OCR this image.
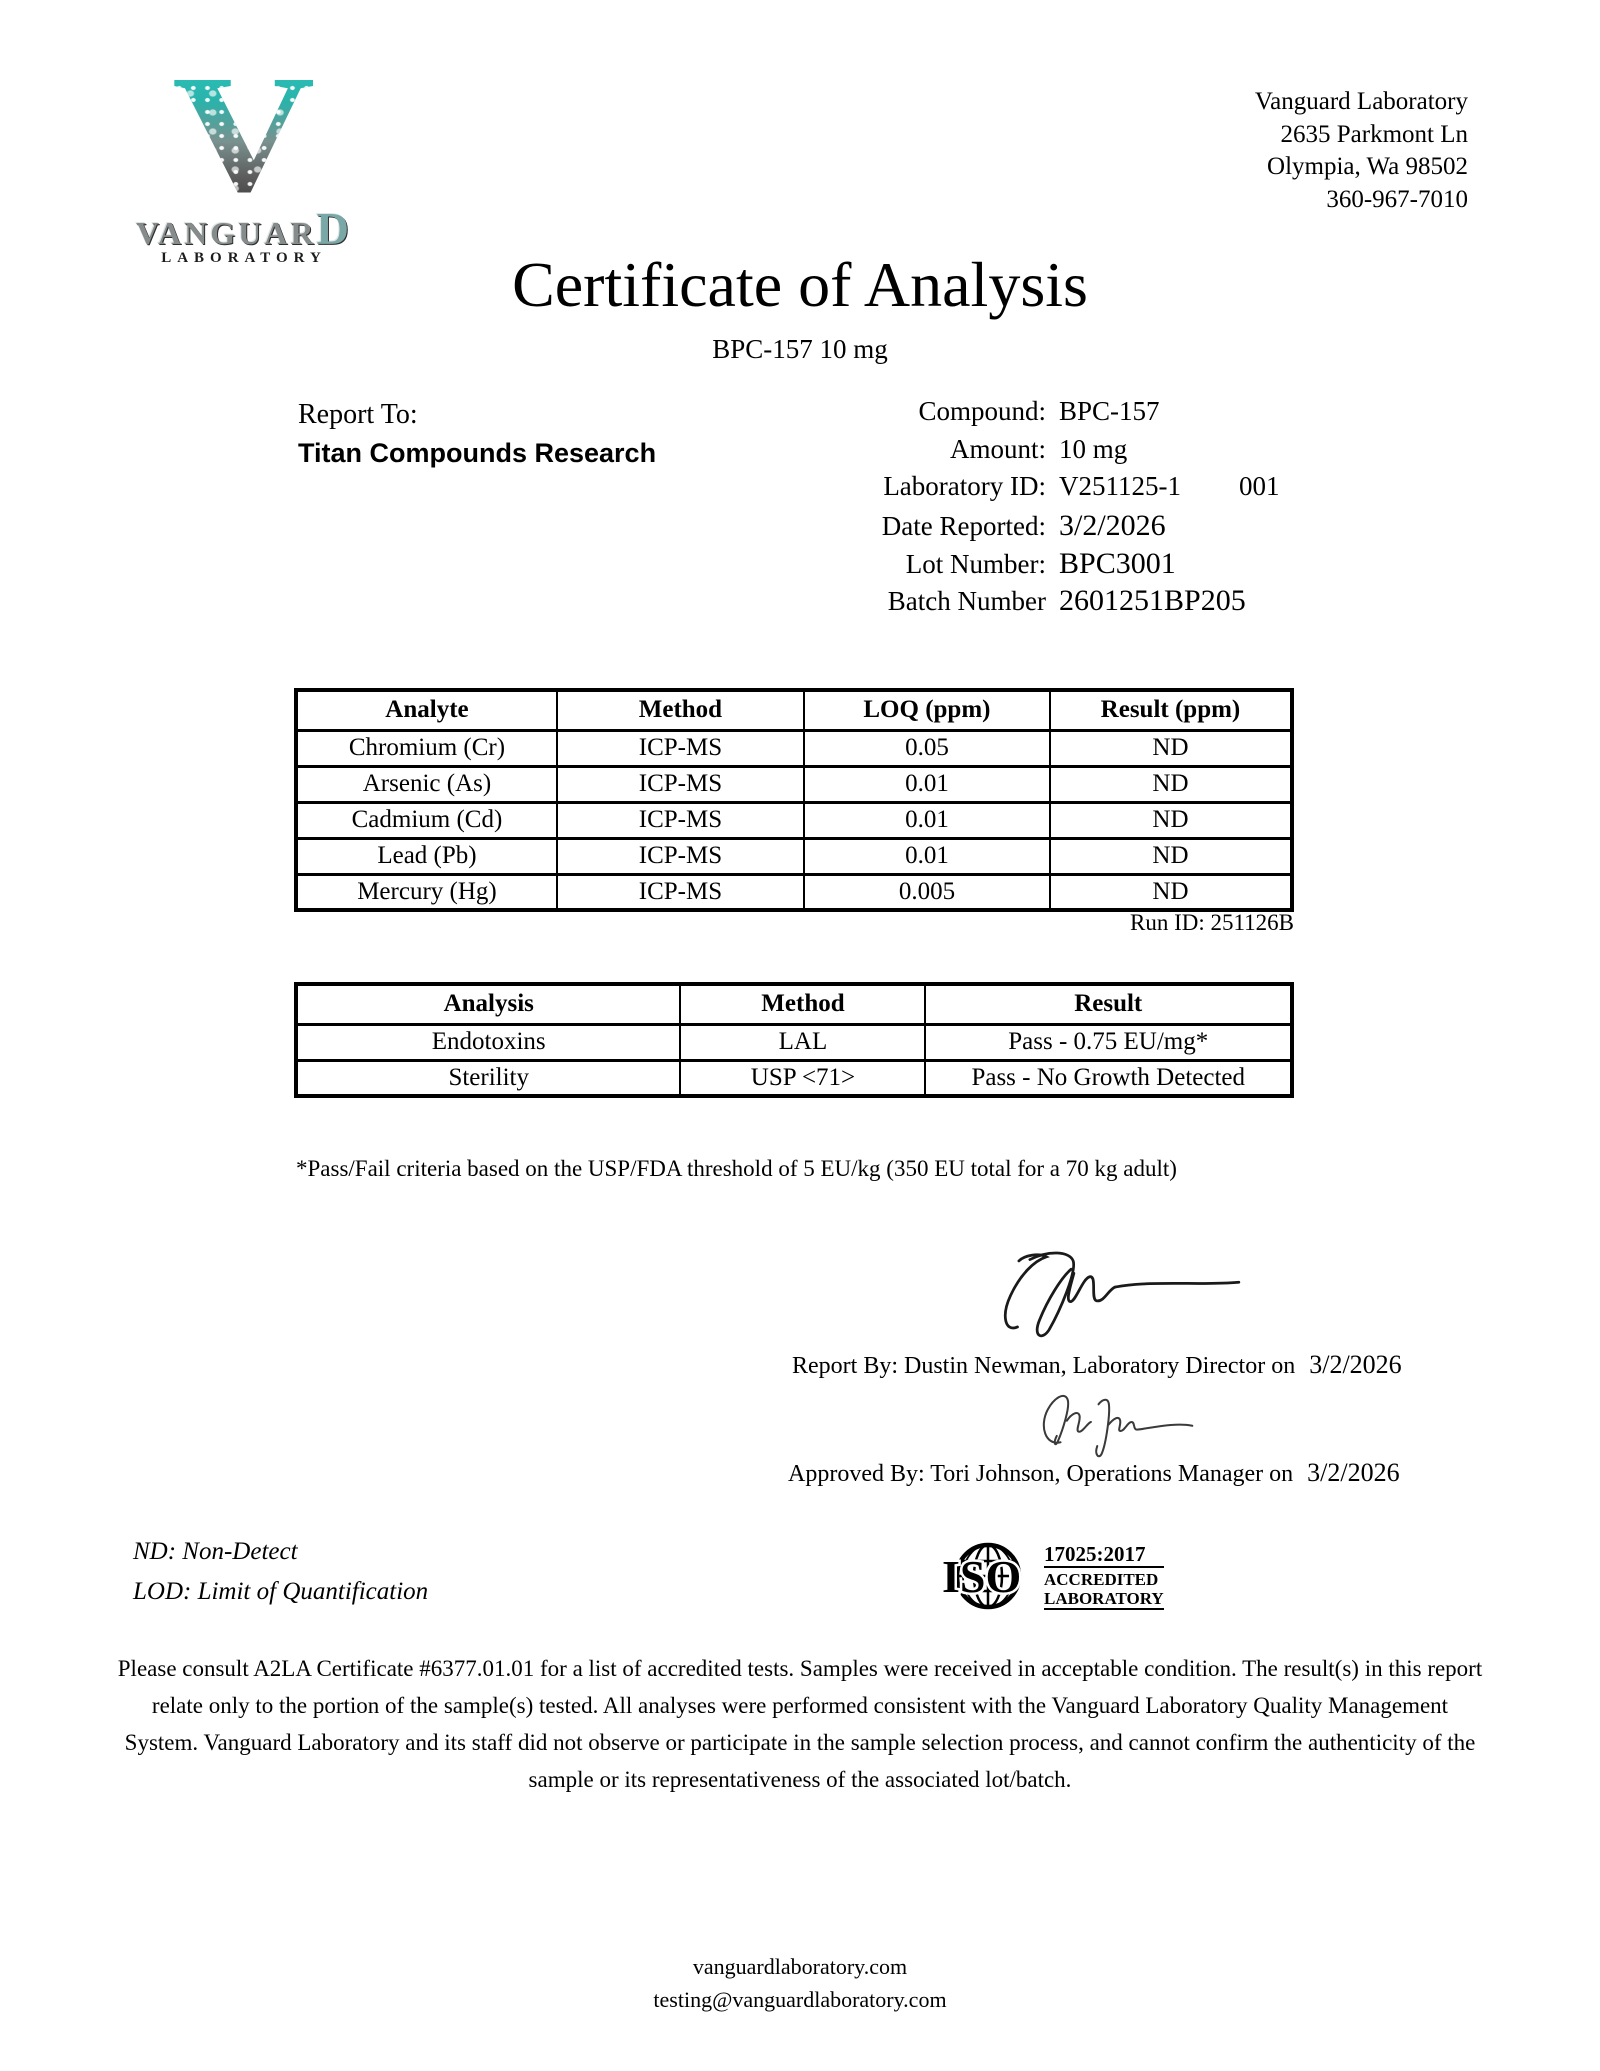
V
VANGUARD
LABORATORY
Vanguard Laboratory
2635 Parkmont Ln
Olympia, Wa 98502
360-967-7010
Certificate of Analysis
BPC-157 10 mg
Report To:
Titan Compounds Research
Compound: BPC-157
Amount: 10 mg
Laboratory ID: V251125-1 001
Date Reported: 3/2/2026
Lot Number: BPC3001
Batch Number 2601251BP205
Analyte	Method	LOQ (ppm)	Result (ppm)
Chromium (Cr)	ICP-MS	0.05	ND
Arsenic (As)	ICP-MS	0.01	ND
Cadmium (Cd)	ICP-MS	0.01	ND
Lead (Pb)	ICP-MS	0.01	ND
Mercury (Hg)	ICP-MS	0.005	ND
Run ID: 251126B
Analysis	Method	Result
Endotoxins	LAL	Pass - 0.75 EU/mg*
Sterility	USP <71>	Pass - No Growth Detected
*Pass/Fail criteria based on the USP/FDA threshold of 5 EU/kg (350 EU total for a 70 kg adult)
Report By: Dustin Newman, Laboratory Director on 3/2/2026
Approved By: Tori Johnson, Operations Manager on 3/2/2026
ND: Non-Detect
LOD: Limit of Quantification	ISO 17025:2017
ACCREDITED
LABORATORY
Please consult A2LA Certificate #6377.01.01 for a list of accredited tests. Samples were received in acceptable condition. The result(s) in this report relate only to the portion of the sample(s) tested. All analyses were performed consistent with the Vanguard Laboratory Quality Management System. Vanguard Laboratory and its staff did not observe or participate in the sample selection process, and cannot confirm the authenticity of the sample or its representativeness of the associated lot/batch.
vanguardlaboratory.com
testing@vanguardlaboratory.com
